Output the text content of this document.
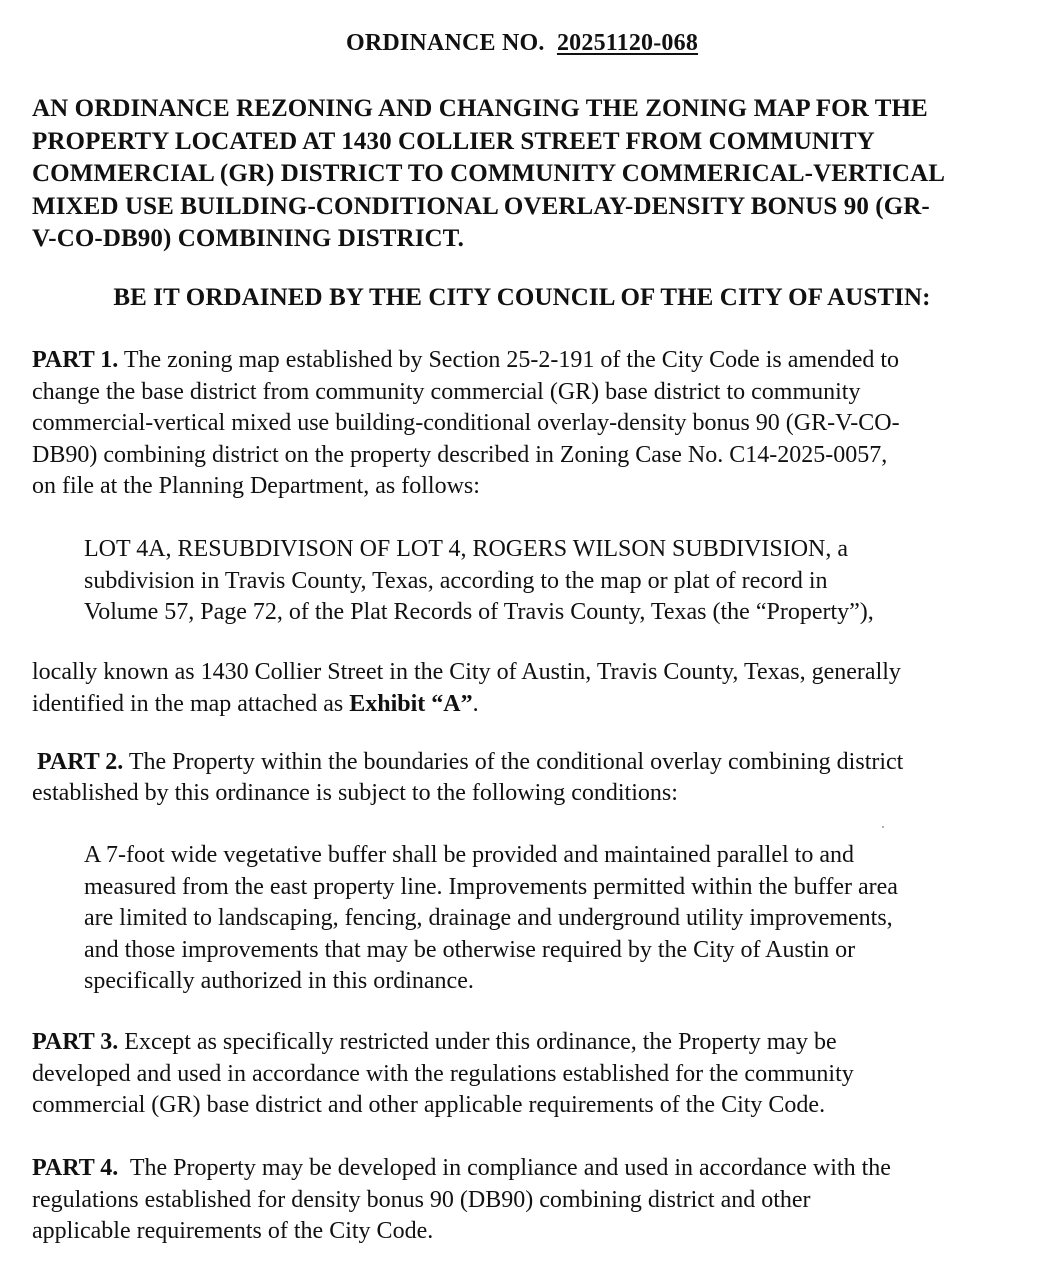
ORDINANCE NO. 20251120-068
AN ORDINANCE REZONING AND CHANGING THE ZONING MAP FOR THE
PROPERTY LOCATED AT 1430 COLLIER STREET FROM COMMUNITY
COMMERCIAL (GR) DISTRICT TO COMMUNITY COMMERICAL-VERTICAL
MIXED USE BUILDING-CONDITIONAL OVERLAY-DENSITY BONUS 90 (GR-
V-CO-DB90) COMBINING DISTRICT.
BE IT ORDAINED BY THE CITY COUNCIL OF THE CITY OF AUSTIN:
PART 1. The zoning map established by Section 25-2-191 of the City Code is amended to
change the base district from community commercial (GR) base district to community
commercial-vertical mixed use building-conditional overlay-density bonus 90 (GR-V-CO-
DB90) combining district on the property described in Zoning Case No. C14-2025-0057,
on file at the Planning Department, as follows:
LOT 4A, RESUBDIVISON OF LOT 4, ROGERS WILSON SUBDIVISION, a
subdivision in Travis County, Texas, according to the map or plat of record in
Volume 57, Page 72, of the Plat Records of Travis County, Texas (the “Property”),
locally known as 1430 Collier Street in the City of Austin, Travis County, Texas, generally
identified in the map attached as Exhibit “A”.
PART 2. The Property within the boundaries of the conditional overlay combining district
established by this ordinance is subject to the following conditions:
A 7-foot wide vegetative buffer shall be provided and maintained parallel to and
measured from the east property line. Improvements permitted within the buffer area
are limited to landscaping, fencing, drainage and underground utility improvements,
and those improvements that may be otherwise required by the City of Austin or
specifically authorized in this ordinance.
PART 3. Except as specifically restricted under this ordinance, the Property may be
developed and used in accordance with the regulations established for the community
commercial (GR) base district and other applicable requirements of the City Code.
PART 4.  The Property may be developed in compliance and used in accordance with the
regulations established for density bonus 90 (DB90) combining district and other
applicable requirements of the City Code.
